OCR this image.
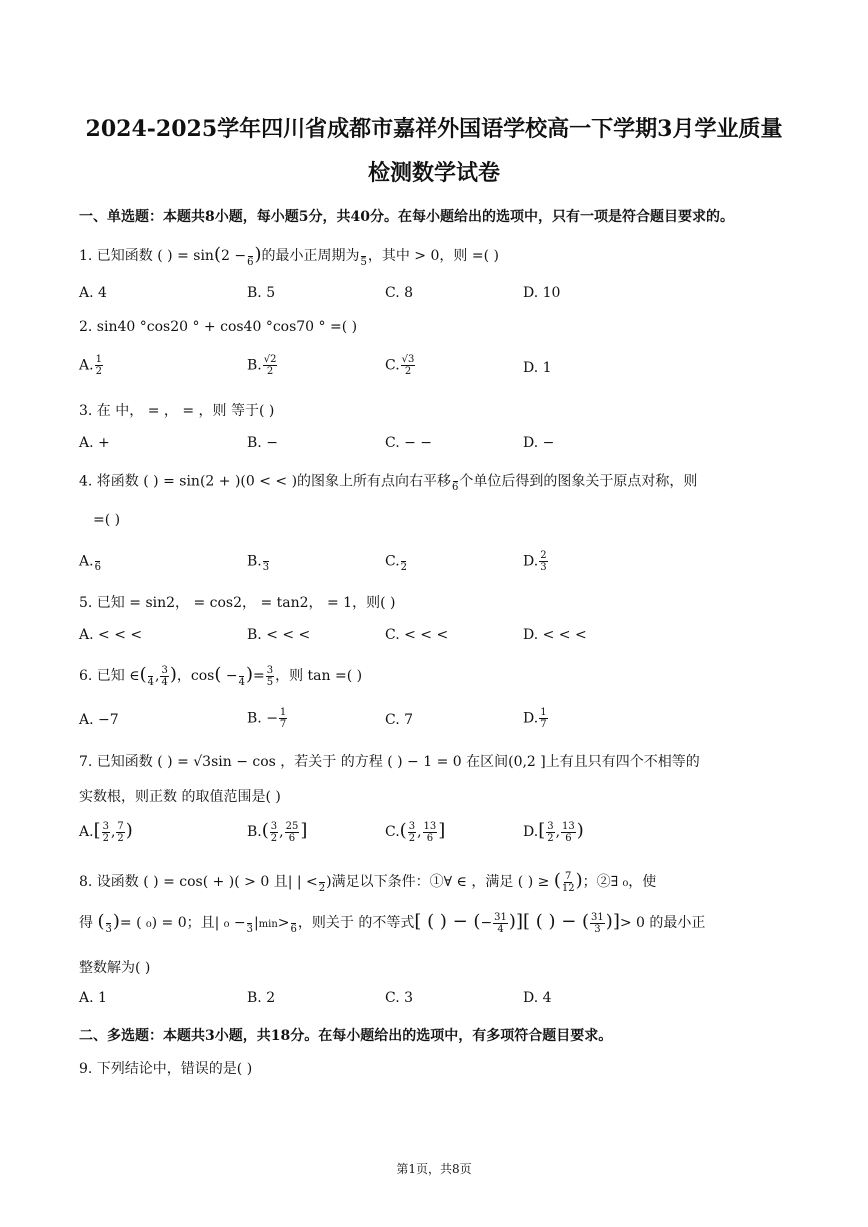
2024-2025学年四川省成都市嘉祥外国语学校高一下学期3月学业质量
检测数学试卷
一、单选题：本题共8小题，每小题5分，共40分。在每小题给出的选项中，只有一项是符合题目要求的。
1. 已知函数 ( ) = sin(2 −
6 )的最小正周期为
5 ，其中 > 0，则 =( )
A. 4	B. 5	C. 8	D. 10
2. sin40 °cos20 ° + cos40 °cos70 ° =( )
A. $\frac{1}{2}$	B. $\frac{√2}{2}$	C. $\frac{√3}{2}$	D. 1
3. 在 中， = ， = ，则 等于( )
A. +	B. −	C. − −	D. −
4. 将函数 ( ) = sin(2 + )(0 < < )的图象上所有点向右平移
6 个单位后得到的图象关于原点对称，则
=( )
A.
6	B.
3	C.
2	D. $\frac{2}{3}$
5. 已知 = sin2， = cos2， = tan2， = 1，则( )
A. < < <	B. < < <	C. < < <	D. < < <
6. 已知 ∈(
4 , $\frac{3}{4}$ )，cos( −
4 )= $\frac{3}{5}$ ，则 tan =( )
A. −7	B. − $\frac{1}{7}$	C. 7	D. $\frac{1}{7}$
7. 已知函数 ( ) = √3sin − cos ，若关于 的方程 ( ) − 1 = 0 在区间(0,2 ]上有且只有四个不相等的
实数根，则正数 的取值范围是( )
$A.[ \frac{3}{2}$ , $\frac{7}{2}$ )	$B.( \frac{3}{2}$ , $\frac{25}{6}$ ]	$C.( \frac{3}{2}$ , $\frac{13}{6}$ ]	$D.[ \frac{3}{2}$ , $\frac{13}{6}$ )
8. 设函数 ( ) = cos( + )( > 0 且| | <
2 )满足以下条件：①∀ ∈ ，满足 ( ) ≥ ( $\frac{7}{12}$ )；②∃ ₀，使
得 (
3 )= ( ₀) = 0；且| ₀ −
3 |min>
6 ，则关于 的不等式[ ( ) − (− $\frac{31}{4}$ )][ ( ) − ( $\frac{31}{3}$ )]> 0 的最小正
整数解为( )
A. 1	B. 2	C. 3	D. 4
二、多选题：本题共3小题，共18分。在每小题给出的选项中，有多项符合题目要求。
9. 下列结论中，错误的是( )
第1页，共8页
